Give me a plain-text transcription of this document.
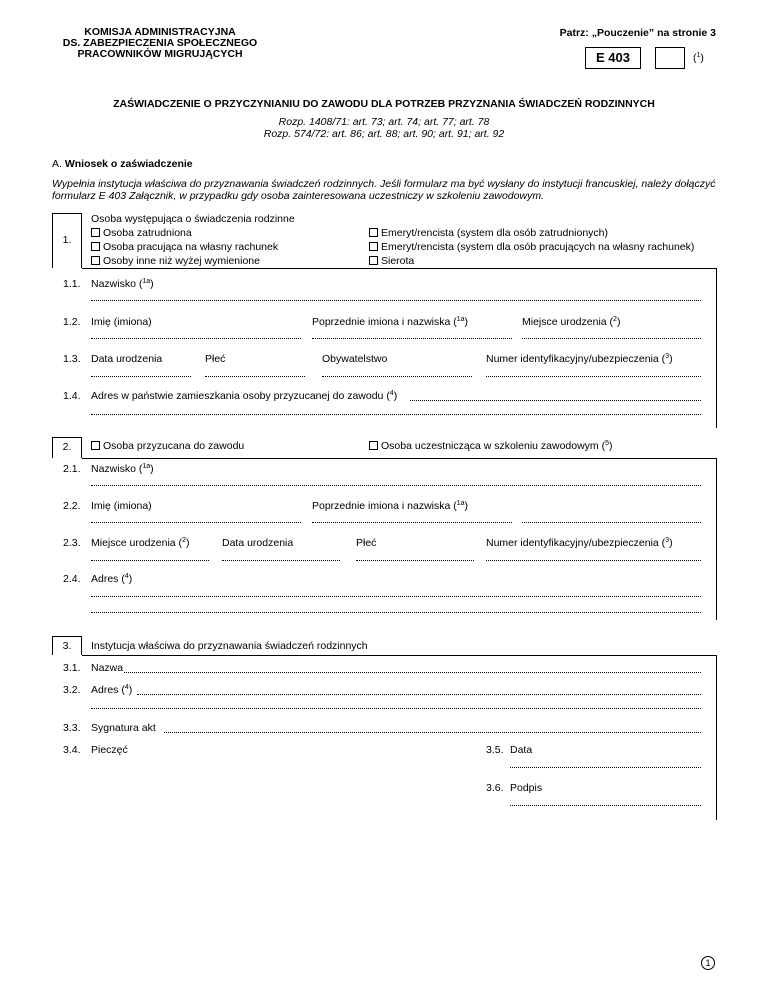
KOMISJA ADMINISTRACYJNA
DS. ZABEZPIECZENIA SPOŁECZNEGO
PRACOWNIKÓW MIGRUJĄCYCH
Patrz: „Pouczenie” na stronie 3
E 403	($^1$)
ZAŚWIADCZENIE O PRZYCZYNIANIU DO ZAWODU DLA POTRZEB PRZYZNANIA ŚWIADCZEŃ RODZINNYCH
Rozp. 1408/71: art. 73; art. 74; art. 77; art. 78
Rozp. 574/72: art. 86; art. 88; art. 90; art. 91; art. 92
A. Wniosek o zaświadczenie
Wypełnia instytucja właściwa do przyznawania świadczeń rodzinnych. Jeśli formularz ma być wysłany do instytucji francuskiej, należy dołączyć formularz E 403 Załącznik, w przypadku gdy osoba zainteresowana uczestniczy w szkoleniu zawodowym.
1.
Osoba występująca o świadczenia rodzinne
Osoba zatrudniona
Osoba pracująca na własny rachunek
Osoby inne niż wyżej wymienione
Emeryt/rencista (system dla osób zatrudnionych)
Emeryt/rencista (system dla osób pracujących na własny rachunek)
Sierota
1.1. Nazwisko ($^{1a}$)
1.2. Imię (imiona)	Poprzednie imiona i nazwiska ($^{1a}$)	Miejsce urodzenia ($^2$)
1.3. Data urodzenia	Płeć	Obywatelstwo	Numer identyfikacyjny/ubezpieczenia ($^3$)
1.4. Adres w państwie zamieszkania osoby przyzucanej do zawodu ($^4$)
2.	Osoba przyzucana do zawodu	Osoba uczestnicząca w szkoleniu zawodowym ($^5$)
2.1. Nazwisko ($^{1a}$)
2.2. Imię (imiona)	Poprzednie imiona i nazwiska ($^{1a}$)
2.3. Miejsce urodzenia ($^2$)	Data urodzenia	Płeć	Numer identyfikacyjny/ubezpieczenia ($^3$)
2.4. Adres ($^4$)
3.	Instytucja właściwa do przyznawania świadczeń rodzinnych
3.1. Nazwa
3.2. Adres ($^4$)
3.3. Sygnatura akt
3.4. Pieczęć	3.5. Data
3.6. Podpis
1
